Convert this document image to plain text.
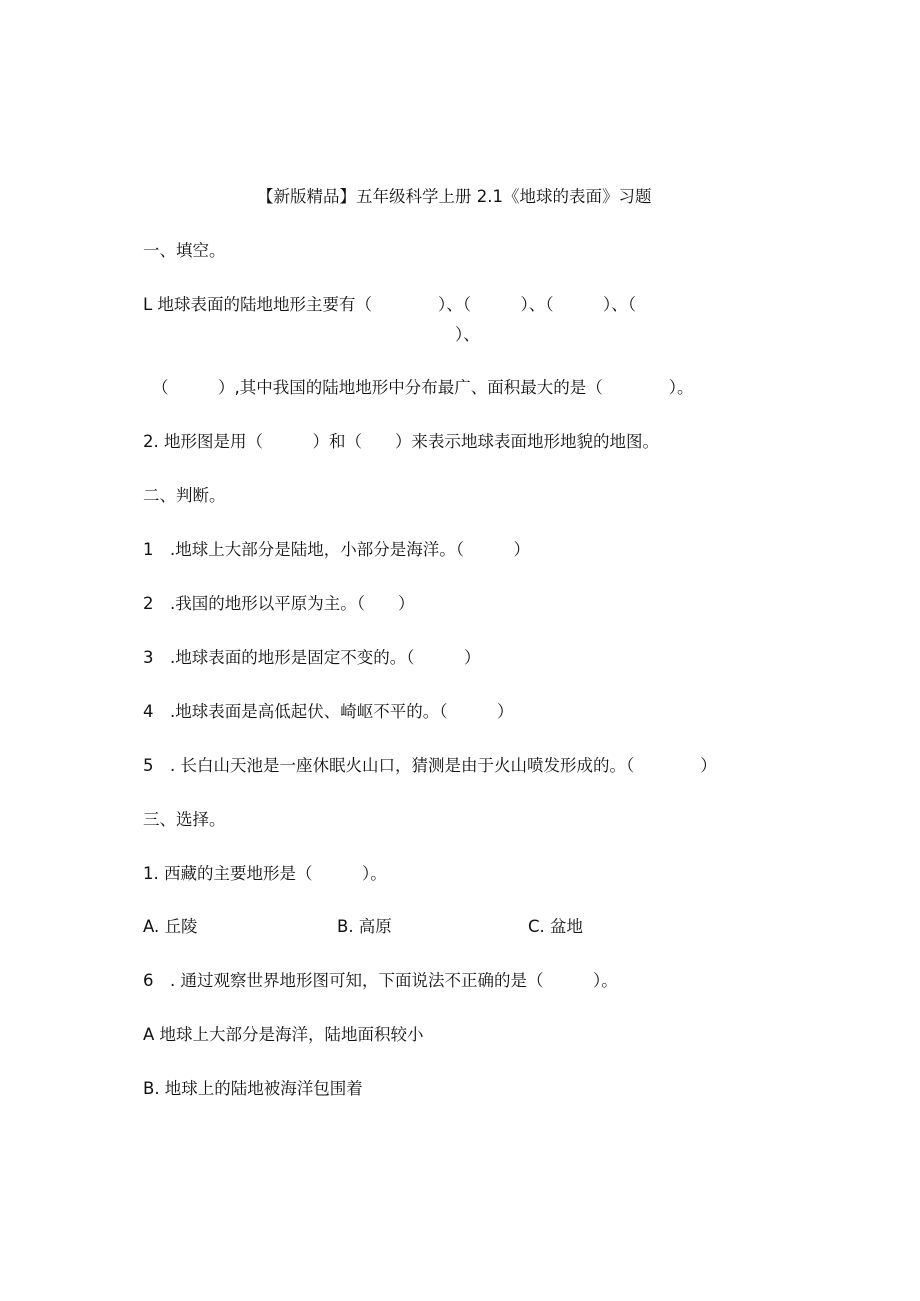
【新版精品】五年级科学上册 2.1《地球的表面》习题
一、填空。
L 地球表面的陆地地形主要有（　　　　）、（　　　）、（　　　）、（
）、
（　　　）,其中我国的陆地地形中分布最广、面积最大的是（　　　　）。
2. 地形图是用（　　　）和（　　）来表示地球表面地形地貌的地图。
二、判断。
1　.地球上大部分是陆地，小部分是海洋。（　　　）
2　.我国的地形以平原为主。（　　）
3　.地球表面的地形是固定不变的。（　　　）
4　.地球表面是高低起伏、崎岖不平的。（　　　）
5　. 长白山天池是一座休眠火山口，猜测是由于火山喷发形成的。（　　　　）
三、选择。
1. 西藏的主要地形是（　　　）。
A. 丘陵	B. 高原	C. 盆地
6　. 通过观察世界地形图可知，下面说法不正确的是（　　　）。
A 地球上大部分是海洋，陆地面积较小
B. 地球上的陆地被海洋包围着
